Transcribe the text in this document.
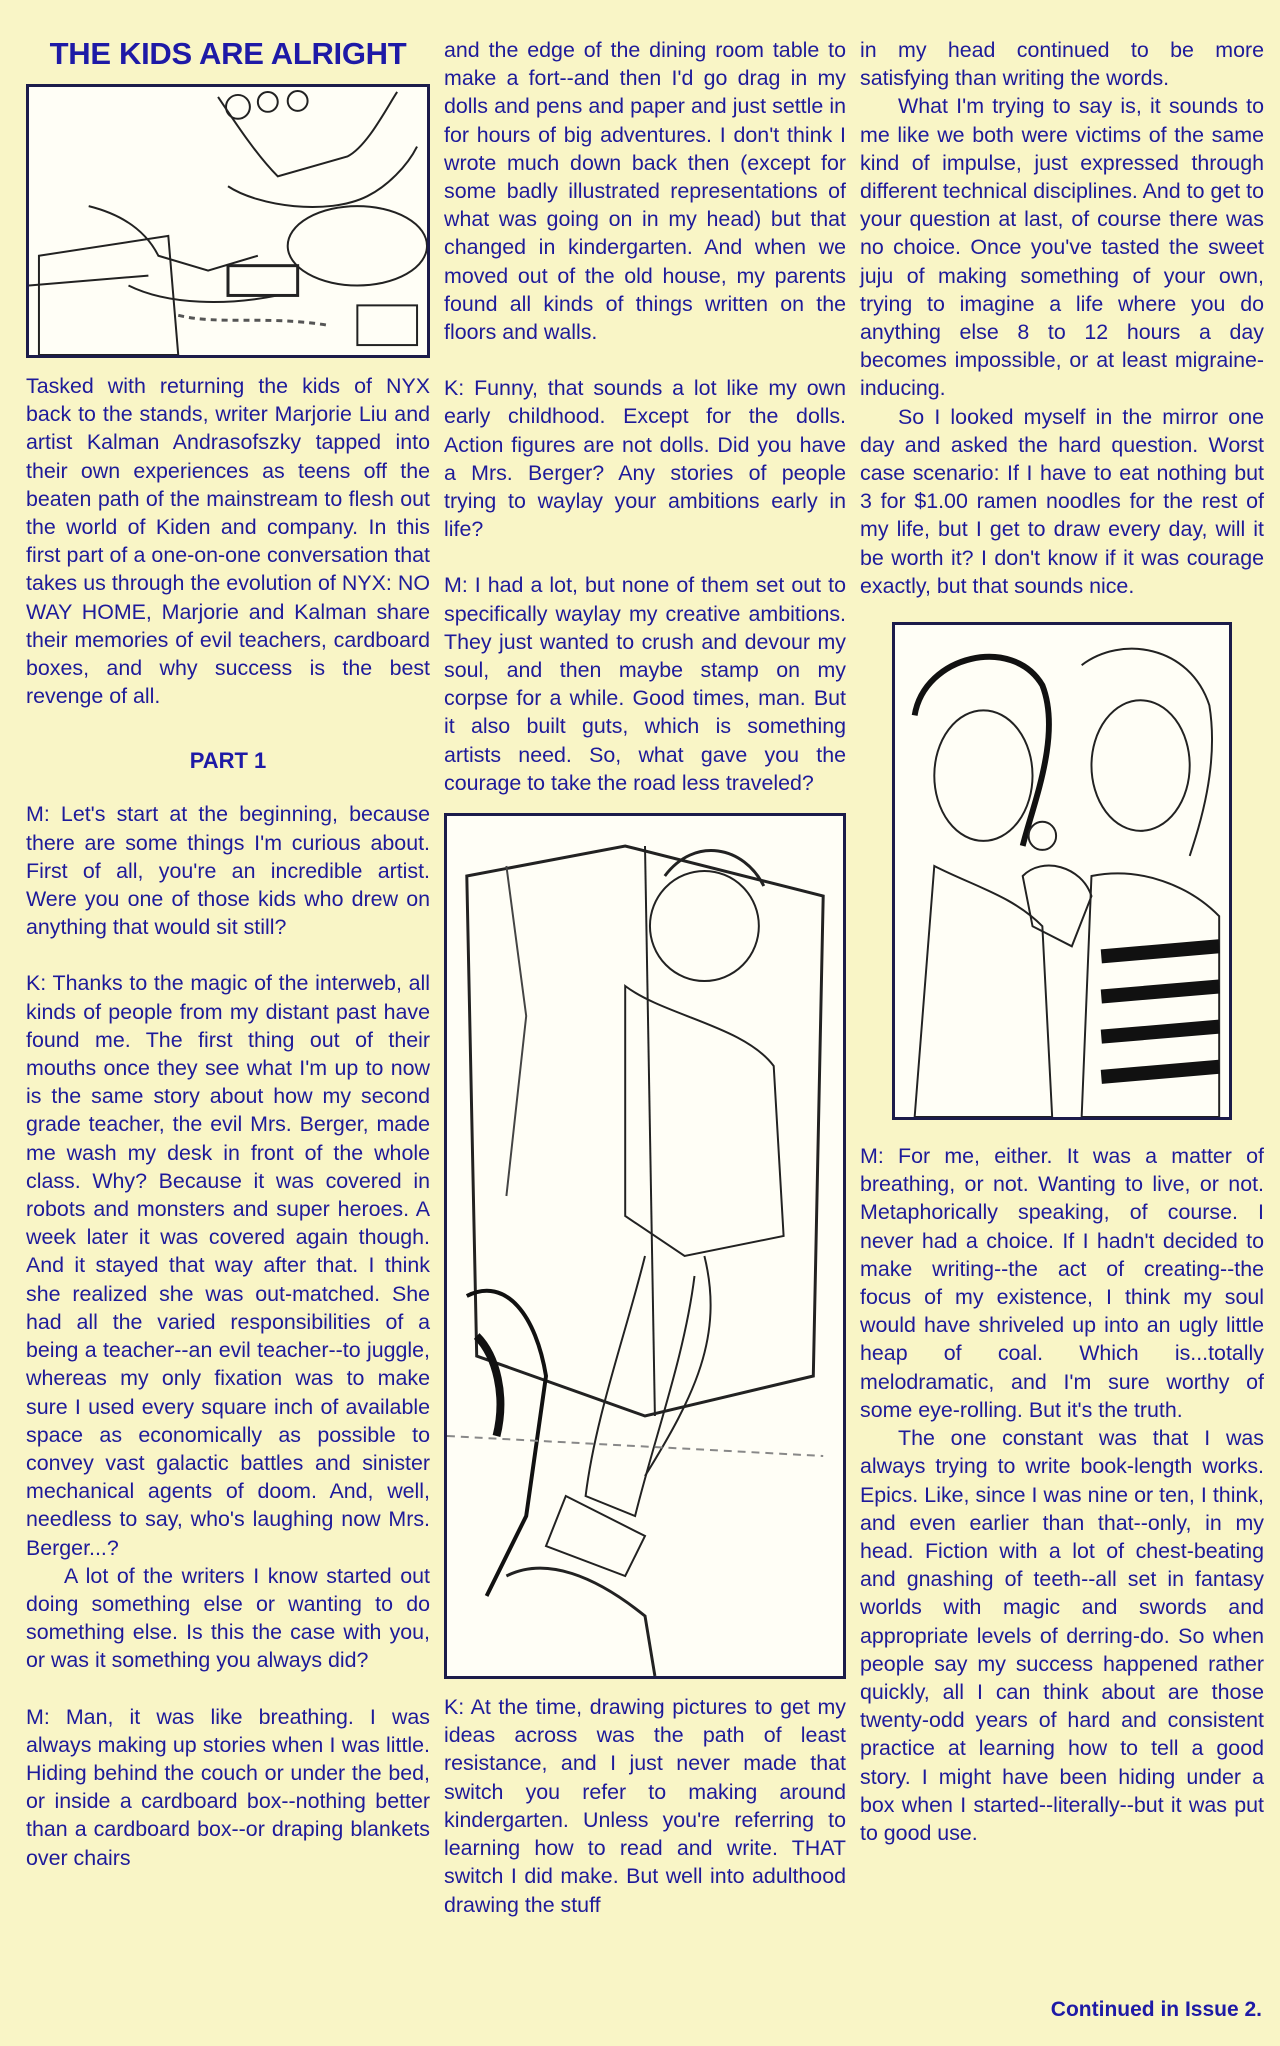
THE KIDS ARE ALRIGHT

Tasked with returning the kids of NYX back to the stands, writer Marjorie Liu and artist Kalman Andrasofszky tapped into their own experiences as teens off the beaten path of the mainstream to flesh out the world of Kiden and company. In this first part of a one-on-one conversation that takes us through the evolution of NYX: NO WAY HOME, Marjorie and Kalman share their memories of evil teachers, cardboard boxes, and why success is the best revenge of all.

PART 1

M: Let's start at the beginning, because there are some things I'm curious about. First of all, you're an incredible artist. Were you one of those kids who drew on anything that would sit still?

K: Thanks to the magic of the interweb, all kinds of people from my distant past have found me. The first thing out of their mouths once they see what I'm up to now is the same story about how my second grade teacher, the evil Mrs. Berger, made me wash my desk in front of the whole class. Why? Because it was covered in robots and monsters and super heroes. A week later it was covered again though. And it stayed that way after that. I think she realized she was out-matched. She had all the varied responsibilities of a being a teacher--an evil teacher--to juggle, whereas my only fixation was to make sure I used every square inch of available space as economically as possible to convey vast galactic battles and sinister mechanical agents of doom. And, well, needless to say, who's laughing now Mrs. Berger...?

A lot of the writers I know started out doing something else or wanting to do something else. Is this the case with you, or was it something you always did?

M: Man, it was like breathing. I was always making up stories when I was little. Hiding behind the couch or under the bed, or inside a cardboard box--nothing better than a cardboard box--or draping blankets over chairs

and the edge of the dining room table to make a fort--and then I'd go drag in my dolls and pens and paper and just settle in for hours of big adventures. I don't think I wrote much down back then (except for some badly illustrated representations of what was going on in my head) but that changed in kindergarten. And when we moved out of the old house, my parents found all kinds of things written on the floors and walls.

K: Funny, that sounds a lot like my own early childhood. Except for the dolls. Action figures are not dolls. Did you have a Mrs. Berger? Any stories of people trying to waylay your ambitions early in life?

M: I had a lot, but none of them set out to specifically waylay my creative ambitions. They just wanted to crush and devour my soul, and then maybe stamp on my corpse for a while. Good times, man. But it also built guts, which is something artists need. So, what gave you the courage to take the road less traveled?

K: At the time, drawing pictures to get my ideas across was the path of least resistance, and I just never made that switch you refer to making around kindergarten. Unless you're referring to learning how to read and write. THAT switch I did make. But well into adulthood drawing the stuff

in my head continued to be more satisfying than writing the words.

What I'm trying to say is, it sounds to me like we both were victims of the same kind of impulse, just expressed through different technical disciplines. And to get to your question at last, of course there was no choice. Once you've tasted the sweet juju of making something of your own, trying to imagine a life where you do anything else 8 to 12 hours a day becomes impossible, or at least migraine-inducing.

So I looked myself in the mirror one day and asked the hard question. Worst case scenario: If I have to eat nothing but 3 for $1.00 ramen noodles for the rest of my life, but I get to draw every day, will it be worth it? I don't know if it was courage exactly, but that sounds nice.

M: For me, either. It was a matter of breathing, or not. Wanting to live, or not. Metaphorically speaking, of course. I never had a choice. If I hadn't decided to make writing--the act of creating--the focus of my existence, I think my soul would have shriveled up into an ugly little heap of coal. Which is...totally melodramatic, and I'm sure worthy of some eye-rolling. But it's the truth.

The one constant was that I was always trying to write book-length works. Epics. Like, since I was nine or ten, I think, and even earlier than that--only, in my head. Fiction with a lot of chest-beating and gnashing of teeth--all set in fantasy worlds with magic and swords and appropriate levels of derring-do. So when people say my success happened rather quickly, all I can think about are those twenty-odd years of hard and consistent practice at learning how to tell a good story. I might have been hiding under a box when I started--literally--but it was put to good use.

Continued in Issue 2.
